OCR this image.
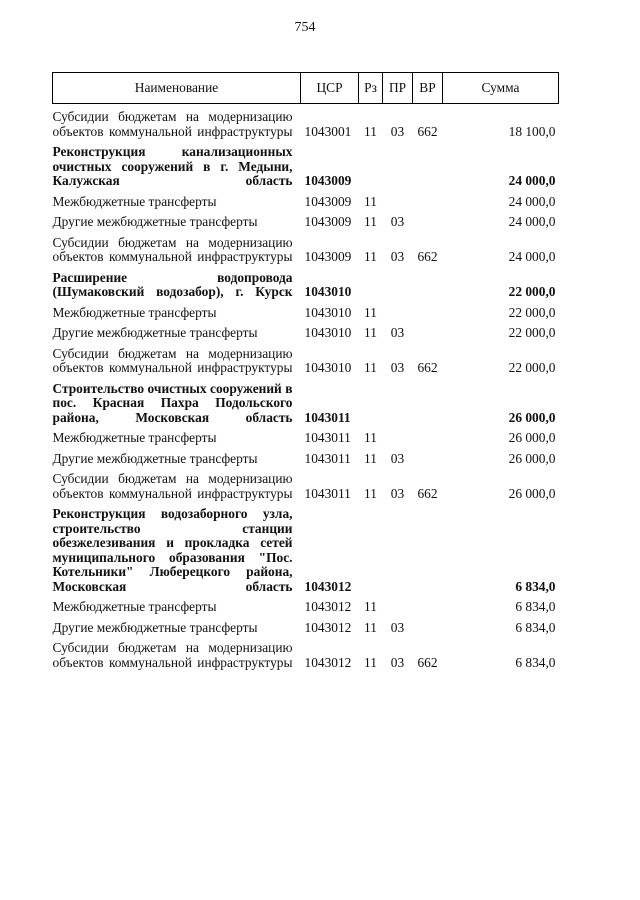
754
Наименование	ЦСР	Рз	ПР	ВР	Сумма

Субсидии бюджетам на модернизацию объектов коммунальной инфраструктуры	1043001	11	03	662	18 100,0

Реконструкция канализационных очистных сооружений в г. Медыни, Калужская область	1043009				24 000,0

Межбюджетные трансферты	1043009	11			24 000,0

Другие межбюджетные трансферты	1043009	11	03		24 000,0

Субсидии бюджетам на модернизацию объектов коммунальной инфраструктуры	1043009	11	03	662	24 000,0

Расширение водопровода (Шумаковский водозабор), г. Курск	1043010				22 000,0

Межбюджетные трансферты	1043010	11			22 000,0

Другие межбюджетные трансферты	1043010	11	03		22 000,0

Субсидии бюджетам на модернизацию объектов коммунальной инфраструктуры	1043010	11	03	662	22 000,0

Строительство очистных сооружений в пос. Красная Пахра Подольского района, Московская область	1043011				26 000,0

Межбюджетные трансферты	1043011	11			26 000,0

Другие межбюджетные трансферты	1043011	11	03		26 000,0

Субсидии бюджетам на модернизацию объектов коммунальной инфраструктуры	1043011	11	03	662	26 000,0

Реконструкция водозаборного узла, строительство станции обезжелезивания и прокладка сетей муниципального образования "Пос. Котельники" Люберецкого района, Московская область	1043012				6 834,0

Межбюджетные трансферты	1043012	11			6 834,0

Другие межбюджетные трансферты	1043012	11	03		6 834,0

Субсидии бюджетам на модернизацию объектов коммунальной инфраструктуры	1043012	11	03	662	6 834,0
